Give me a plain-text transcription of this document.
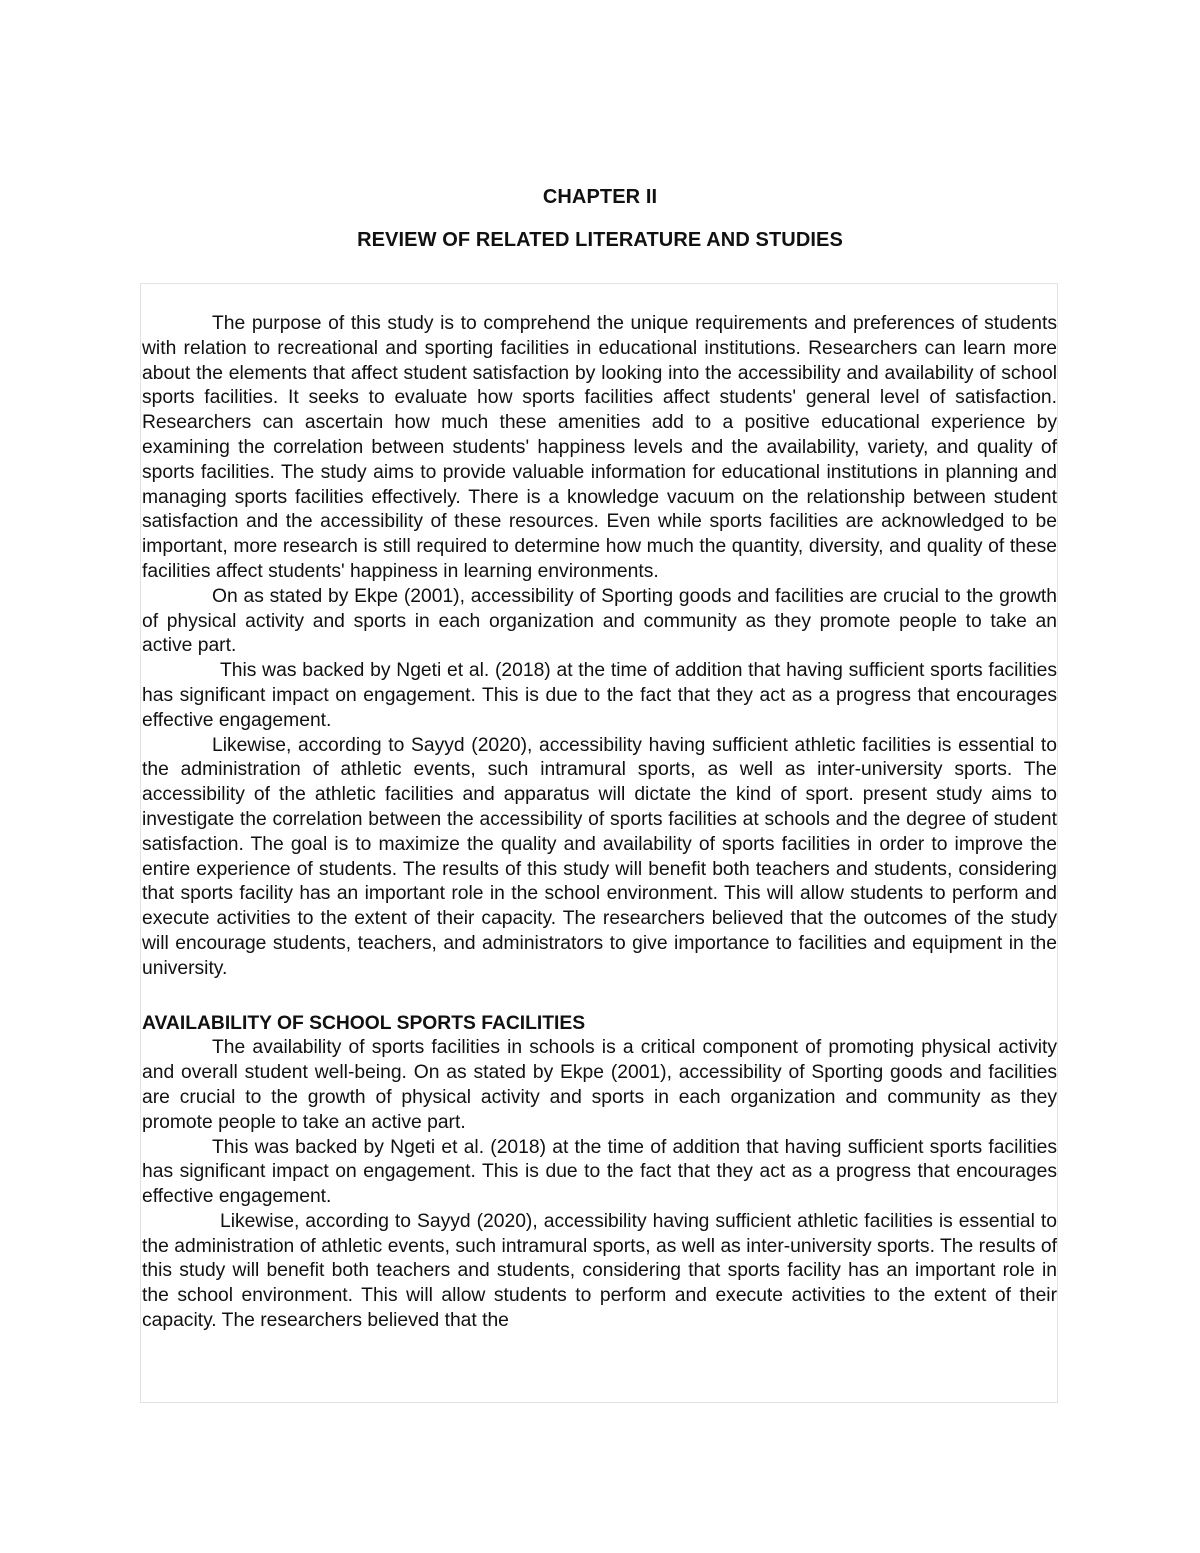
CHAPTER II
REVIEW OF RELATED LITERATURE AND STUDIES

The purpose of this study is to comprehend the unique requirements and preferences of students with relation to recreational and sporting facilities in educational institutions. Researchers can learn more about the elements that affect student satisfaction by looking into the accessibility and availability of school sports facilities. It seeks to evaluate how sports facilities affect students' general level of satisfaction. Researchers can ascertain how much these amenities add to a positive educational experience by examining the correlation between students' happiness levels and the availability, variety, and quality of sports facilities. The study aims to provide valuable information for educational institutions in planning and managing sports facilities effectively. There is a knowledge vacuum on the relationship between student satisfaction and the accessibility of these resources. Even while sports facilities are acknowledged to be important, more research is still required to determine how much the quantity, diversity, and quality of these facilities affect students' happiness in learning environments.

On as stated by Ekpe (2001), accessibility of Sporting goods and facilities are crucial to the growth of physical activity and sports in each organization and community as they promote people to take an active part.

This was backed by Ngeti et al. (2018) at the time of addition that having sufficient sports facilities has significant impact on engagement. This is due to the fact that they act as a progress that encourages effective engagement.

Likewise, according to Sayyd (2020), accessibility having sufficient athletic facilities is essential to the administration of athletic events, such intramural sports, as well as inter-university sports. The accessibility of the athletic facilities and apparatus will dictate the kind of sport. present study aims to investigate the correlation between the accessibility of sports facilities at schools and the degree of student satisfaction. The goal is to maximize the quality and availability of sports facilities in order to improve the entire experience of students. The results of this study will benefit both teachers and students, considering that sports facility has an important role in the school environment. This will allow students to perform and execute activities to the extent of their capacity. The researchers believed that the outcomes of the study will encourage students, teachers, and administrators to give importance to facilities and equipment in the university.

AVAILABILITY OF SCHOOL SPORTS FACILITIES

The availability of sports facilities in schools is a critical component of promoting physical activity and overall student well-being. On as stated by Ekpe (2001), accessibility of Sporting goods and facilities are crucial to the growth of physical activity and sports in each organization and community as they promote people to take an active part.

This was backed by Ngeti et al. (2018) at the time of addition that having sufficient sports facilities has significant impact on engagement. This is due to the fact that they act as a progress that encourages effective engagement.

Likewise, according to Sayyd (2020), accessibility having sufficient athletic facilities is essential to the administration of athletic events, such intramural sports, as well as inter-university sports. The results of this study will benefit both teachers and students, considering that sports facility has an important role in the school environment. This will allow students to perform and execute activities to the extent of their capacity. The researchers believed that the
